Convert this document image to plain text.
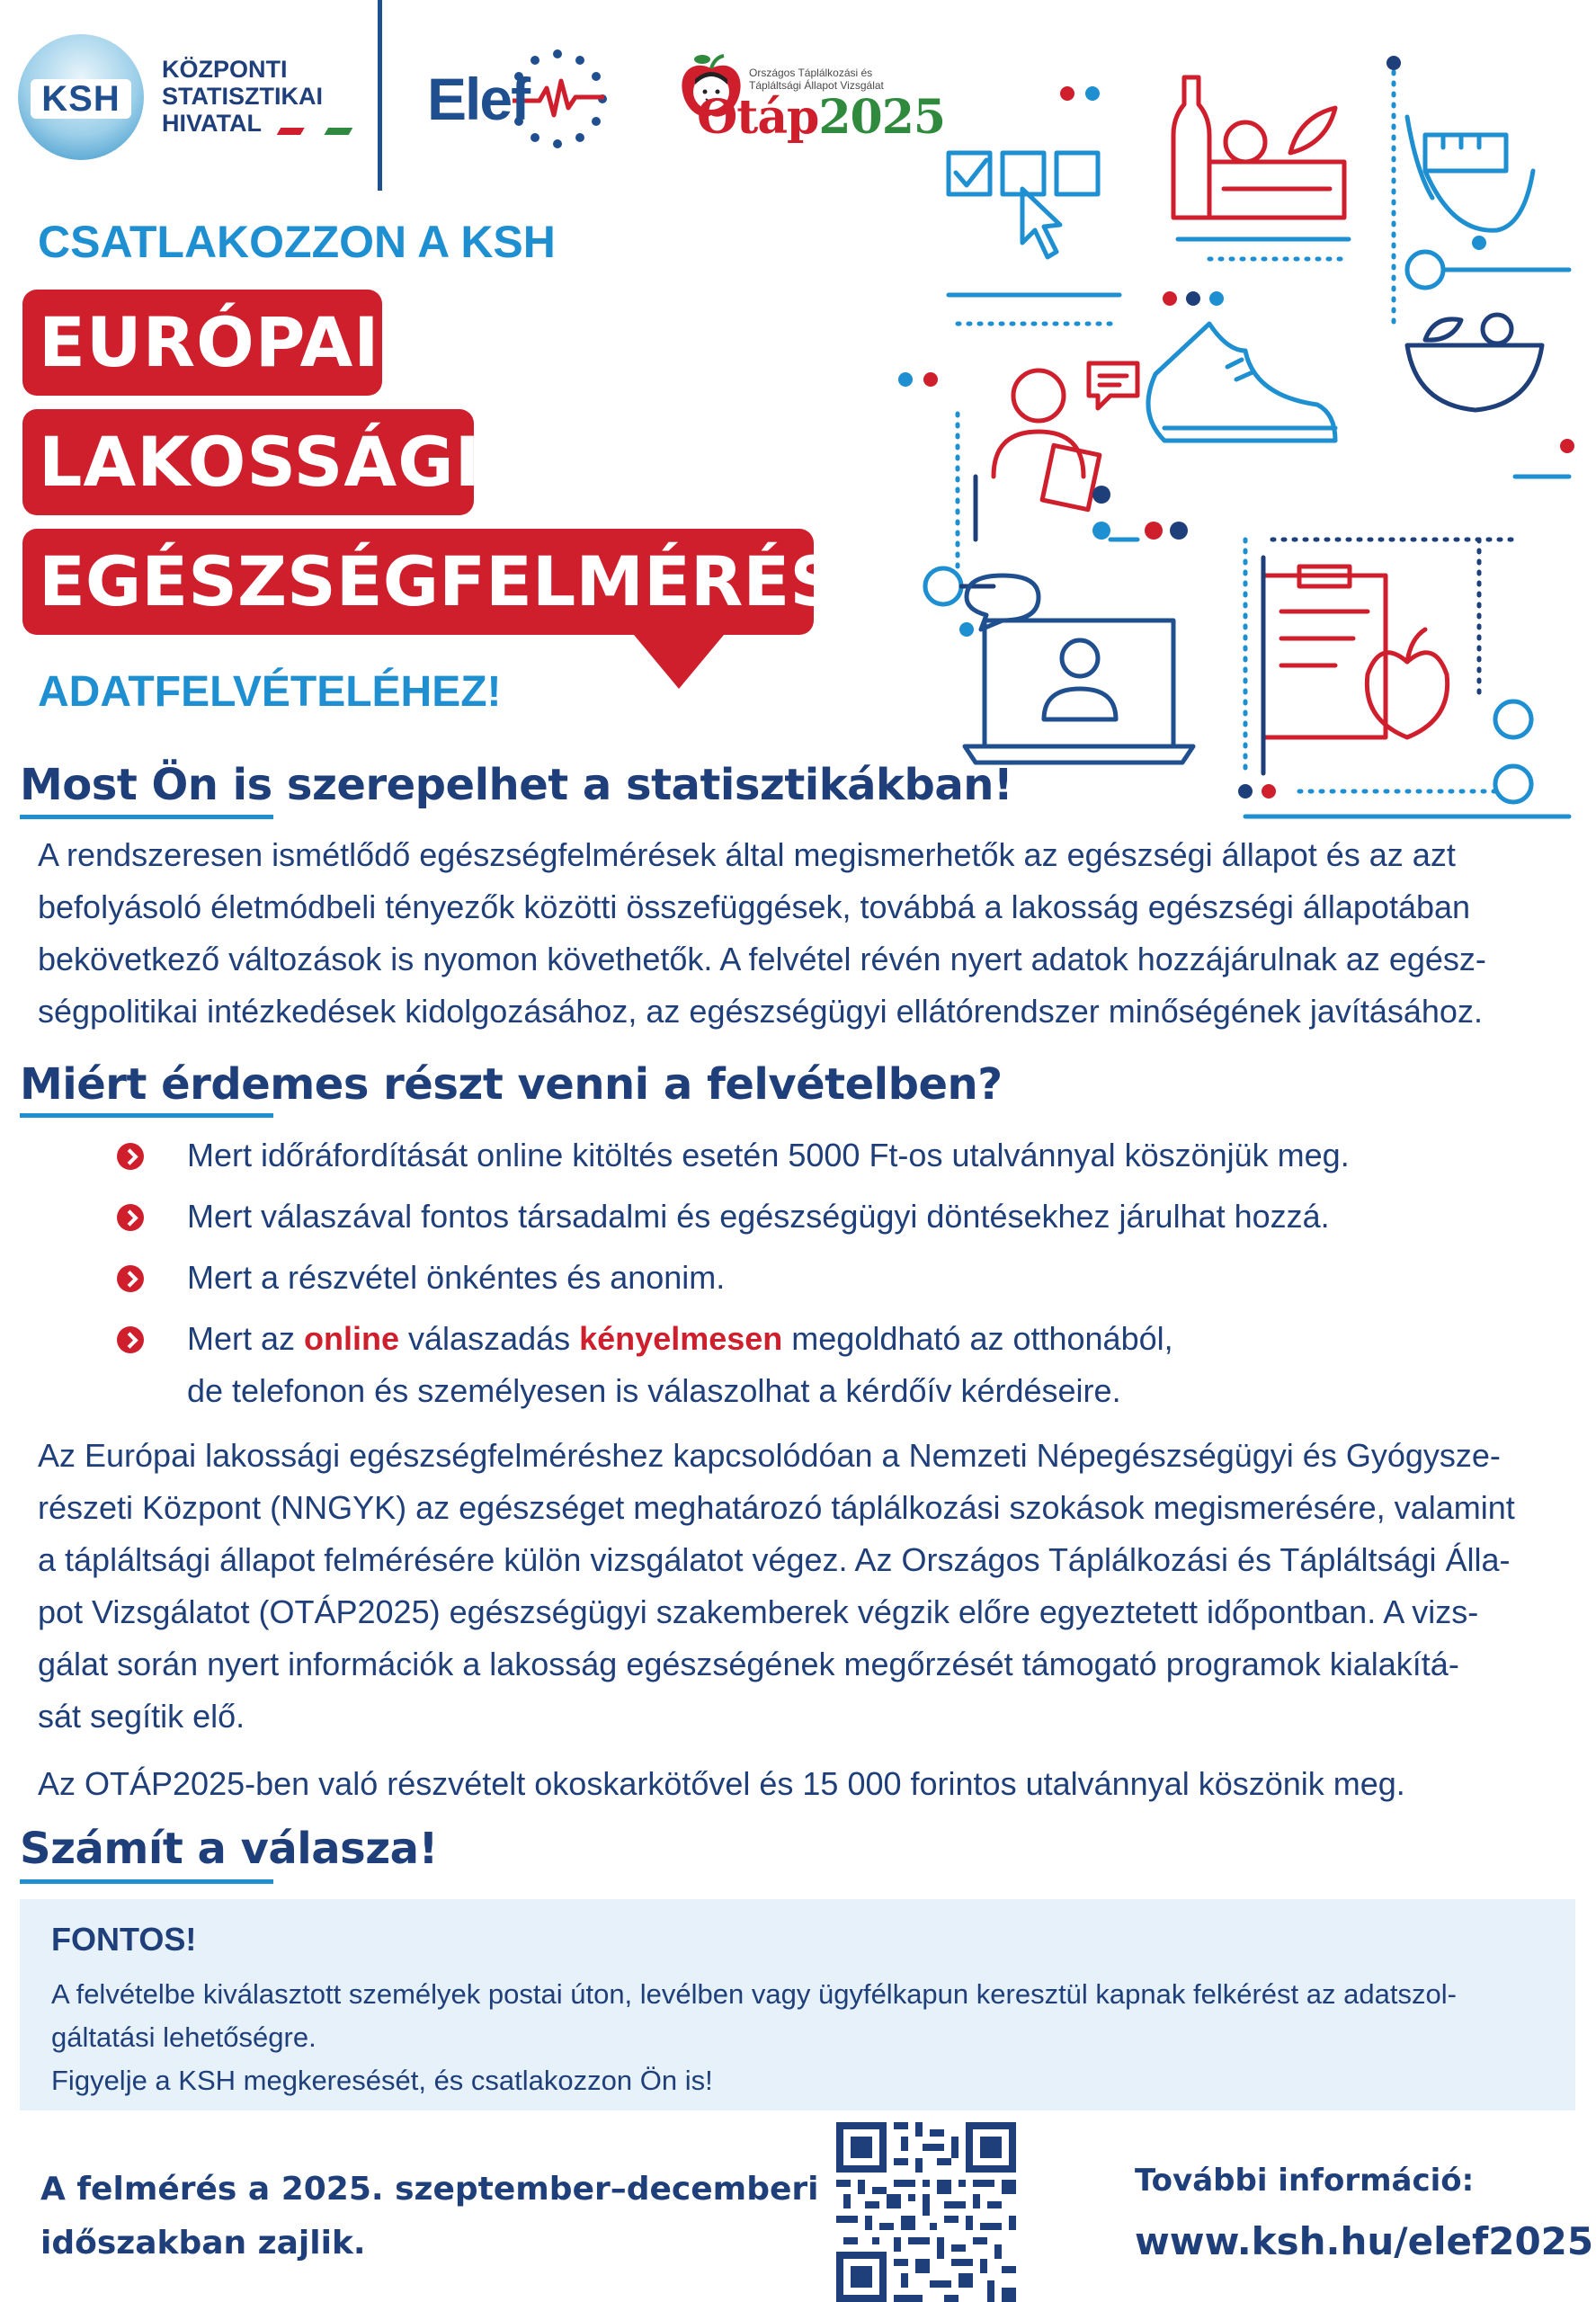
KSH
KÖZPONTI
STATISZTIKAI
HIVATAL	Elef	Országos Táplálkozási és
Tápláltsági Állapot Vizsgálat
Otáp2025
CSATLAKOZZON A KSH
EURÓPAI
LAKOSSÁGI
EGÉSZSÉGFELMÉRÉS
ADATFELVÉTELÉHEZ!
Most Ön is szerepelhet a statisztikákban!
A rendszeresen ismétlődő egészségfelmérések által megismerhetők az egészségi állapot és az azt
befolyásoló életmódbeli tényezők közötti összefüggések, továbbá a lakosság egészségi állapotában
bekövetkező változások is nyomon követhetők. A felvétel révén nyert adatok hozzájárulnak az egész-
ségpolitikai intézkedések kidolgozásához, az egészségügyi ellátórendszer minőségének javításához.
Miért érdemes részt venni a felvételben?
Mert időráfordítását online kitöltés esetén 5000 Ft-os utalvánnyal köszönjük meg.
Mert válaszával fontos társadalmi és egészségügyi döntésekhez járulhat hozzá.
Mert a részvétel önkéntes és anonim.
Mert az online válaszadás kényelmesen megoldható az otthonából,
de telefonon és személyesen is válaszolhat a kérdőív kérdéseire.
Az Európai lakossági egészségfelméréshez kapcsolódóan a Nemzeti Népegészségügyi és Gyógysze-
részeti Központ (NNGYK) az egészséget meghatározó táplálkozási szokások megismerésére, valamint
a tápláltsági állapot felmérésére külön vizsgálatot végez. Az Országos Táplálkozási és Tápláltsági Álla-
pot Vizsgálatot (OTÁP2025) egészségügyi szakemberek végzik előre egyeztetett időpontban. A vizs-
gálat során nyert információk a lakosság egészségének megőrzését támogató programok kialakítá-
sát segítik elő.
Az OTÁP2025-ben való részvételt okoskarkötővel és 15 000 forintos utalvánnyal köszönik meg.
Számít a válasza!
FONTOS!
A felvételbe kiválasztott személyek postai úton, levélben vagy ügyfélkapun keresztül kapnak felkérést az adatszol-
gáltatási lehetőségre.
Figyelje a KSH megkeresését, és csatlakozzon Ön is!
A felmérés a 2025. szeptember–decemberi
időszakban zajlik.
További információ:
www.ksh.hu/elef2025
